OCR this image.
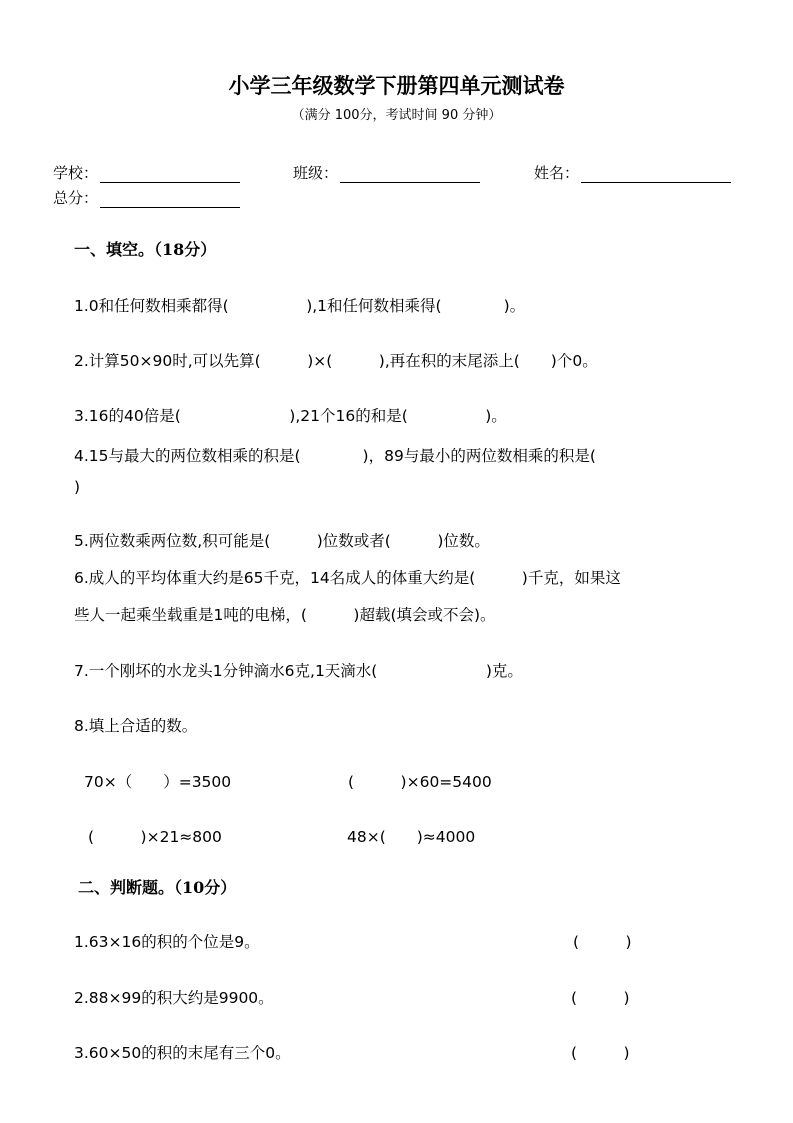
小学三年级数学下册第四单元测试卷
（满分 100分，考试时间 90 分钟）
学校：	班级：	姓名：
总分：
一、填空。（18分）
1.0和任何数相乘都得(　　　　　),1和任何数相乘得(　　　　)。
2.计算50×90时,可以先算(　　　)×(　　　),再在积的末尾添上(　　)个0。
3.16的40倍是(　　　　　　　),21个16的和是(　　　　　)。
4.15与最大的两位数相乘的积是(　　　　)，89与最小的两位数相乘的积是(
)
5.两位数乘两位数,积可能是(　　　)位数或者(　　　)位数。
6.成人的平均体重大约是65千克，14名成人的体重大约是(　　　)千克，如果这
些人一起乘坐载重是1吨的电梯，(　　　)超载(填会或不会)。
7.一个刚坏的水龙头1分钟滴水6克,1天滴水(　　　　　　　)克。
8.填上合适的数。
70×（　　）=3500	(　　　)×60=5400
(　　　)×21≈800	48×(　　)≈4000
二、判断题。（10分）
1.63×16的积的个位是9。	(　　　)
2.88×99的积大约是9900。	(　　　)
3.60×50的积的末尾有三个0。	(　　　)
